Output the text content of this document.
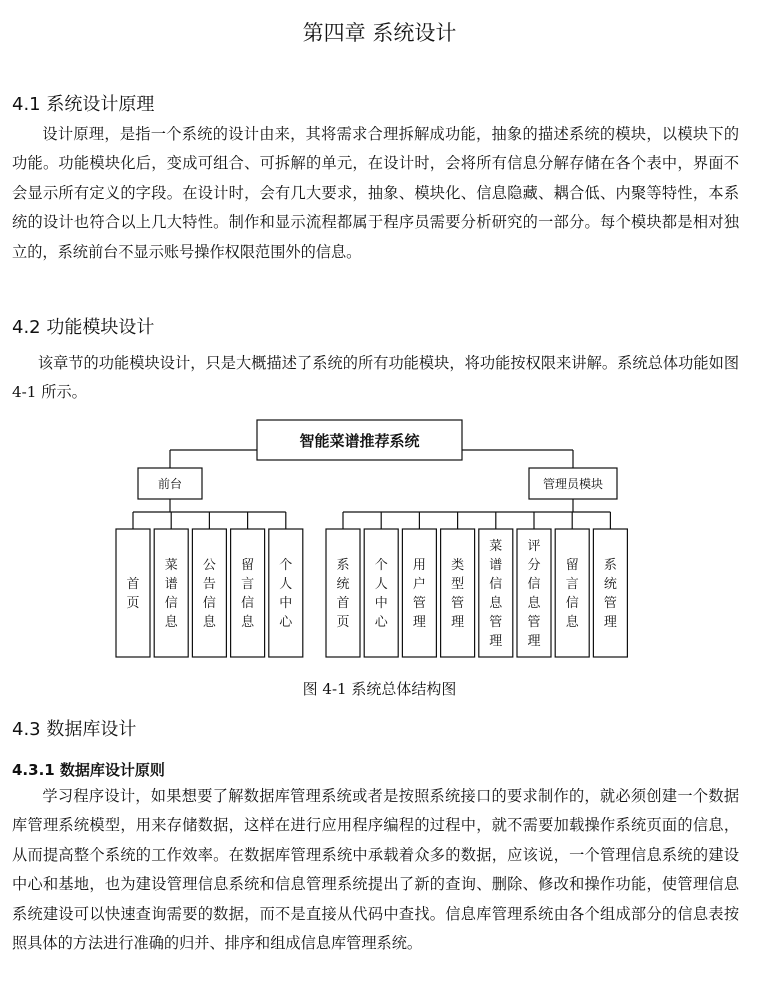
第四章 系统设计
4.1 系统设计原理
设计原理，是指一个系统的设计由来，其将需求合理拆解成功能，抽象的描述系统的模块，以模块下的功能。功能模块化后，变成可组合、可拆解的单元，在设计时，会将所有信息分解存储在各个表中，界面不会显示所有定义的字段。在设计时，会有几大要求，抽象、模块化、信息隐藏、耦合低、内聚等特性，本系统的设计也符合以上几大特性。制作和显示流程都属于程序员需要分析研究的一部分。每个模块都是相对独立的，系统前台不显示账号操作权限范围外的信息。
4.2 功能模块设计
该章节的功能模块设计，只是大概描述了系统的所有功能模块，将功能按权限来讲解。系统总体功能如图 4-1 所示。
智能菜谱推荐系统
前台
首页
菜谱信息
公告信息
留言信息
个人中心
管理员模块
系统首页
个人中心
用户管理
类型管理
菜谱信息管理
评分信息管理
留言信息
系统管理
图 4-1 系统总体结构图
4.3 数据库设计
4.3.1 数据库设计原则
学习程序设计，如果想要了解数据库管理系统或者是按照系统接口的要求制作的，就必须创建一个数据库管理系统模型，用来存储数据，这样在进行应用程序编程的过程中，就不需要加载操作系统页面的信息，从而提高整个系统的工作效率。在数据库管理系统中承载着众多的数据，应该说，一个管理信息系统的建设中心和基地，也为建设管理信息系统和信息管理系统提出了新的查询、删除、修改和操作功能，使管理信息系统建设可以快速查询需要的数据，而不是直接从代码中查找。信息库管理系统由各个组成部分的信息表按照具体的方法进行准确的归并、排序和组成信息库管理系统。
